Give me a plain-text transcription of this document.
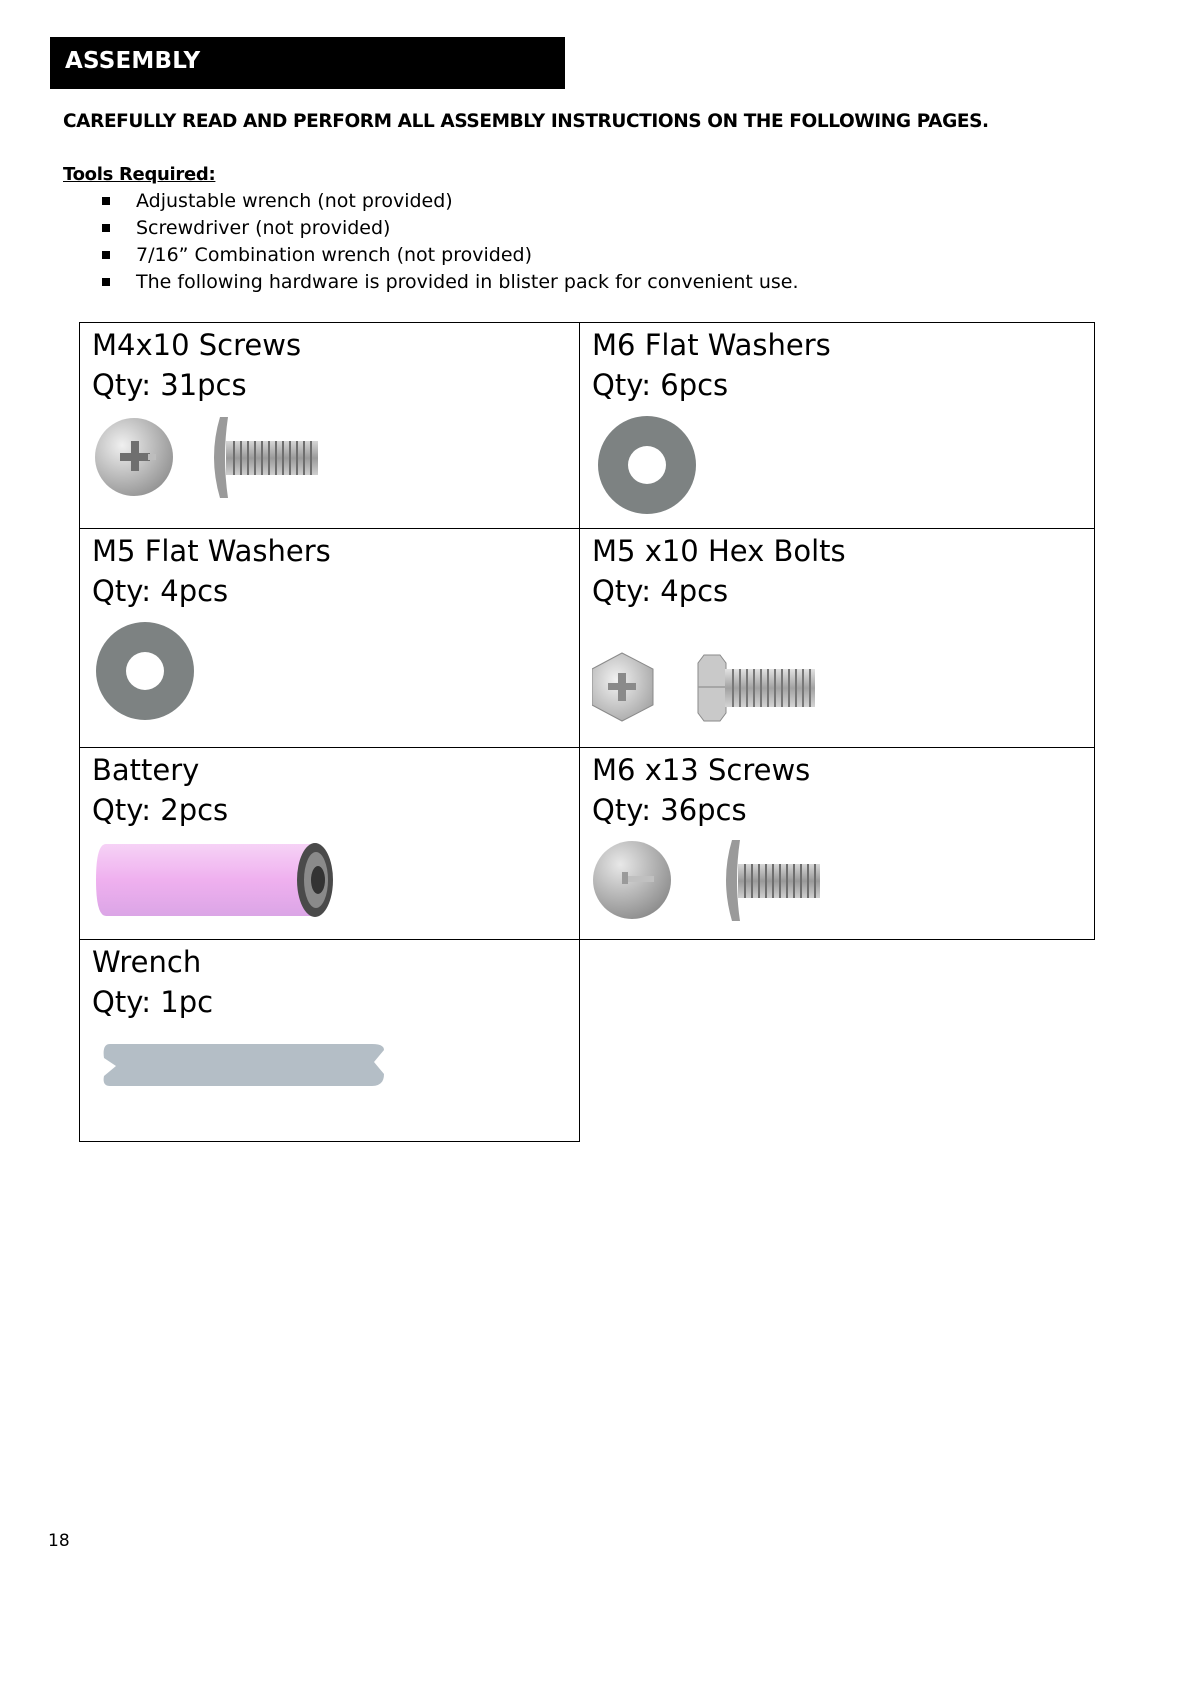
ASSEMBLY
CAREFULLY READ AND PERFORM ALL ASSEMBLY INSTRUCTIONS ON THE FOLLOWING PAGES.
Tools Required:
Adjustable wrench (not provided)
Screwdriver (not provided)
7/16” Combination wrench (not provided)
The following hardware is provided in blister pack for convenient use.
M4x10 Screws
Qty: 31pcs
M6 Flat Washers
Qty: 6pcs
M5 Flat Washers
Qty: 4pcs
M5 x10 Hex Bolts
Qty: 4pcs
Battery
Qty: 2pcs
M6 x13 Screws
Qty: 36pcs
Wrench
Qty: 1pc
18
